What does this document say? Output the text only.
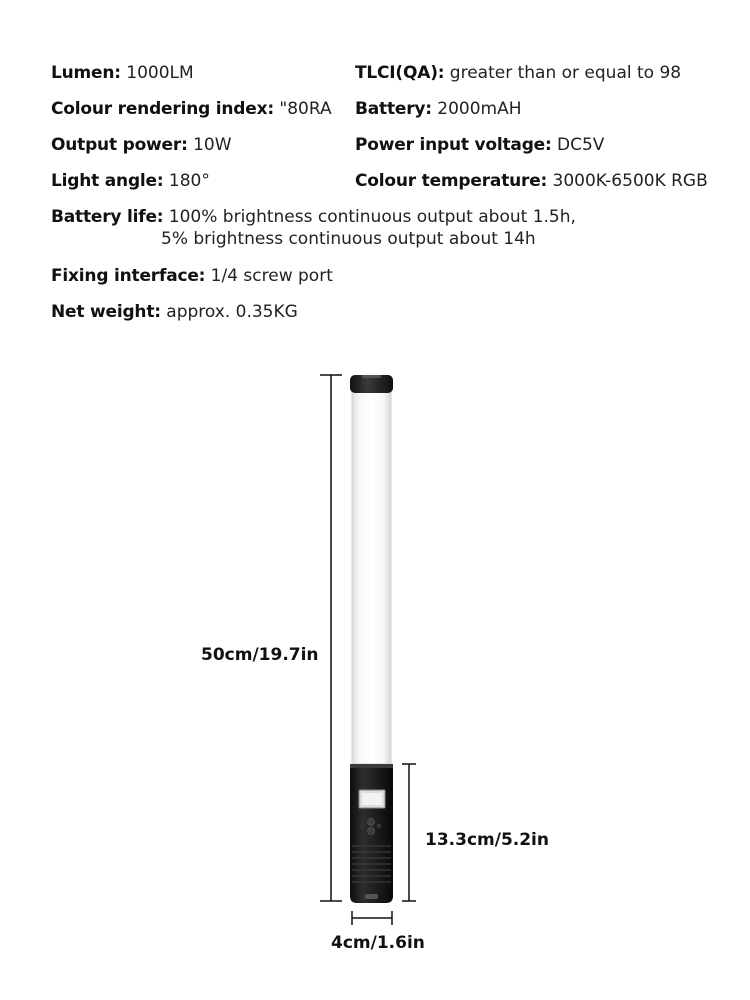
Lumen: 1000LM
Colour rendering index: "80RA
Output power: 10W
Light angle: 180°
TLCI(QA): greater than or equal to 98
Battery: 2000mAH
Power input voltage: DC5V
Colour temperature: 3000K-6500K RGB
Battery life: 100% brightness continuous output about 1.5h,
5% brightness continuous output about 14h
Fixing interface: 1/4 screw port
Net weight: approx. 0.35KG
50cm/19.7in
13.3cm/5.2in
4cm/1.6in
